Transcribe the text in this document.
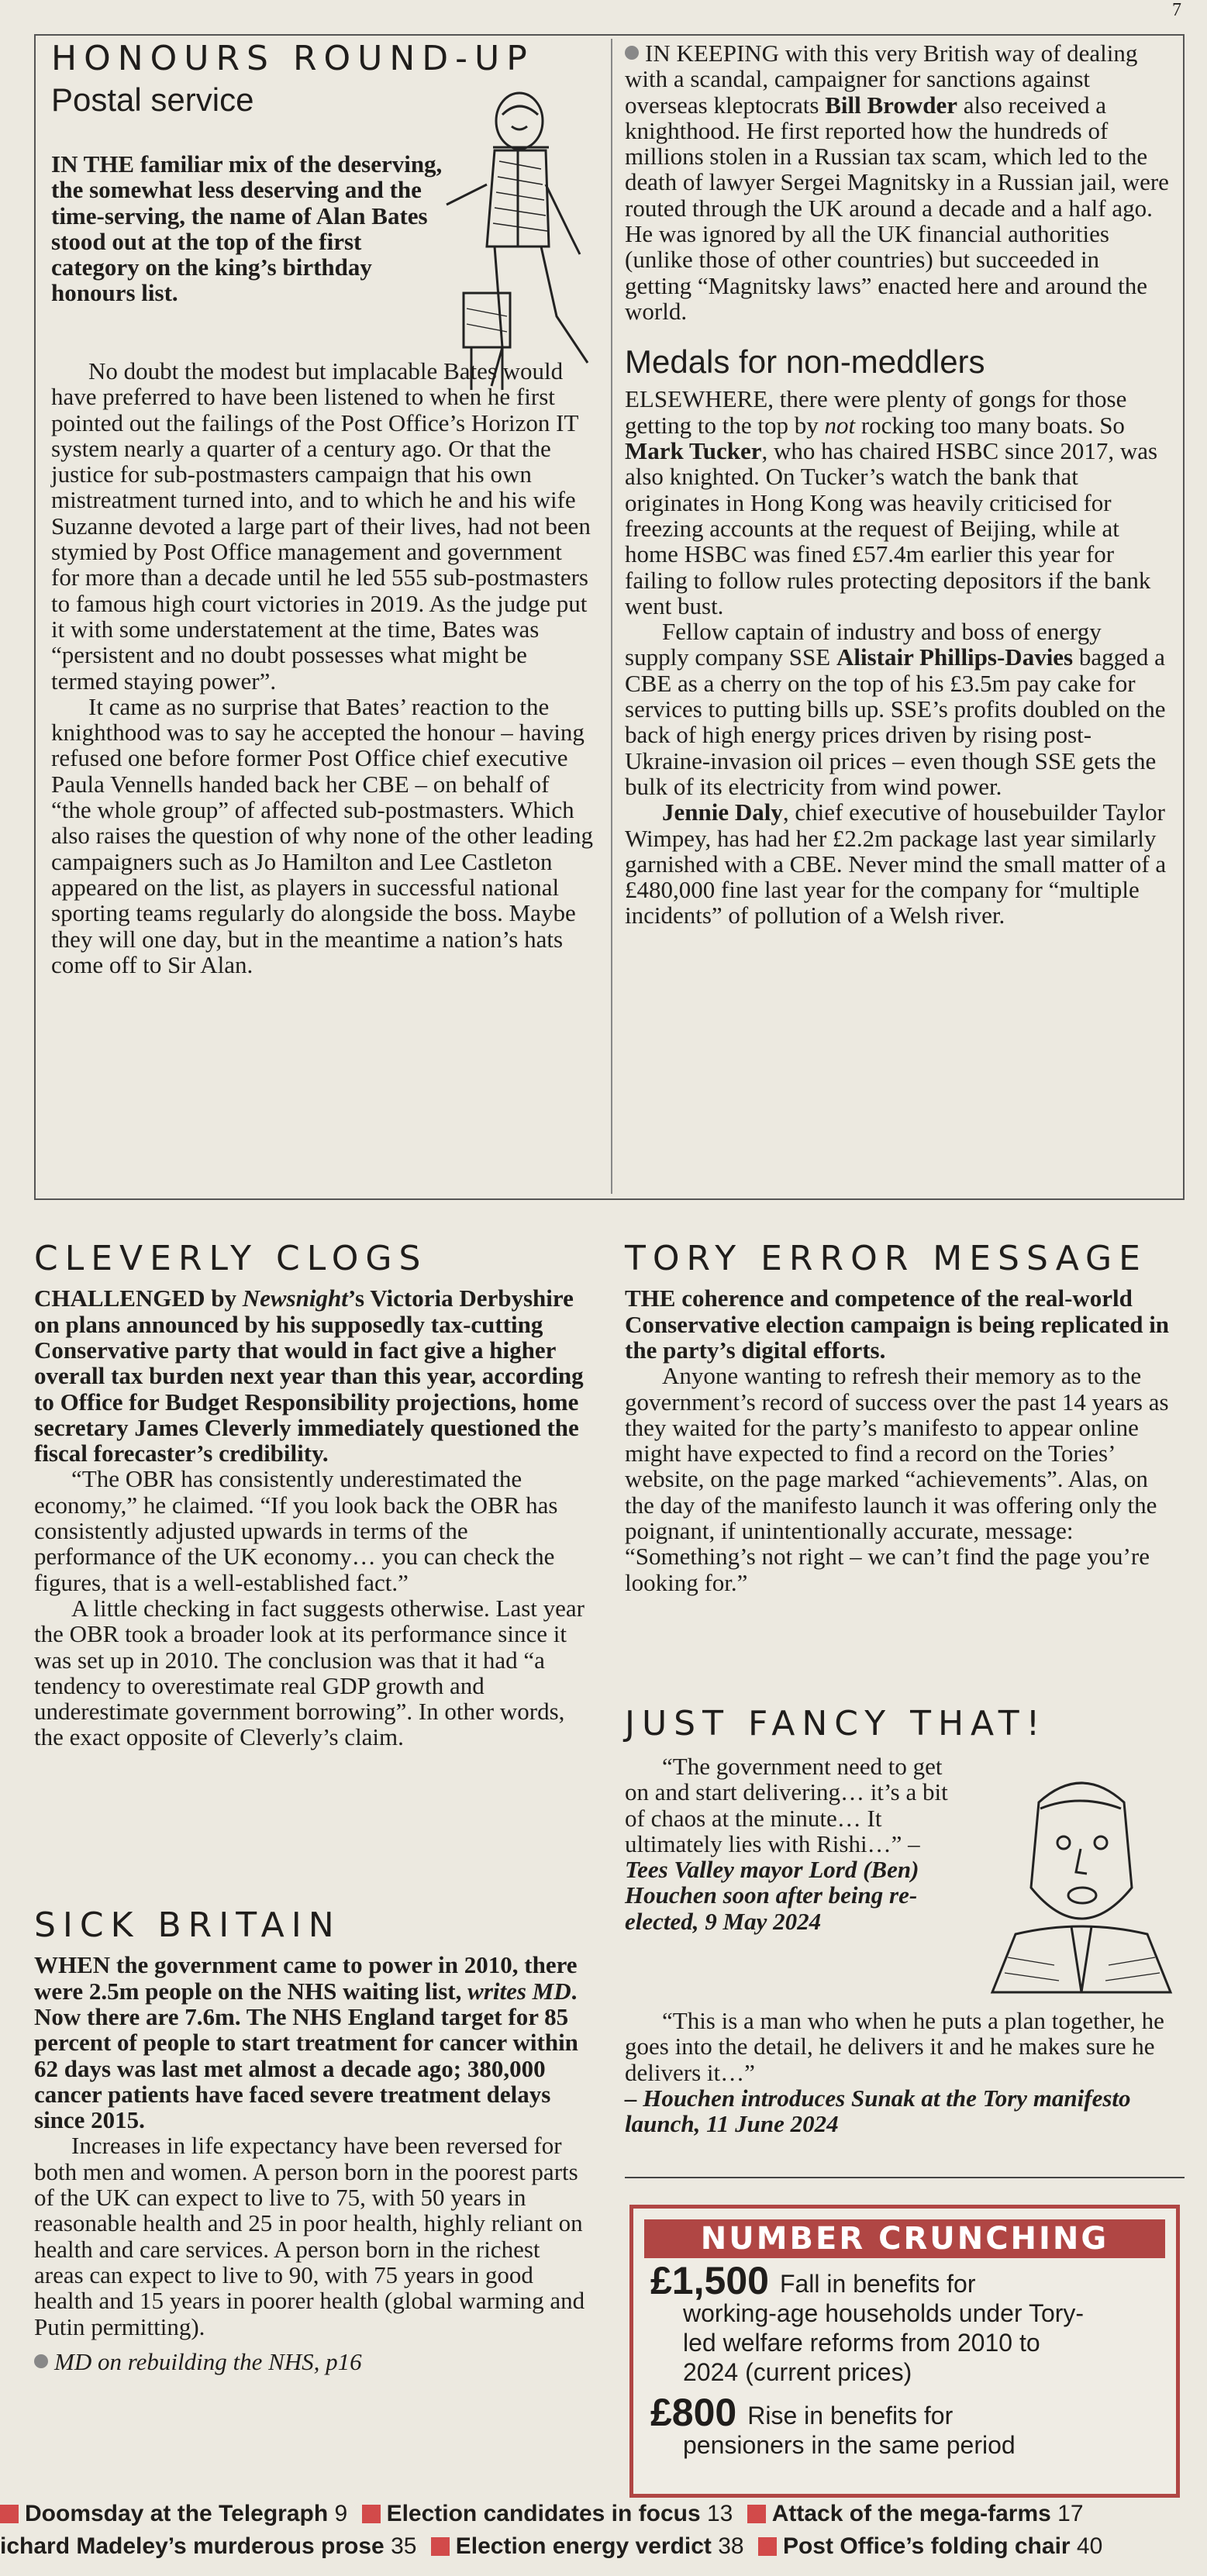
7
HONOURS ROUND-UP
Postal service

IN THE familiar mix of the deserving, the somewhat less deserving and the time-serving, the name of Alan Bates stood out at the top of the first category on the king’s birthday honours list.

No doubt the modest but implacable Bates would have preferred to have been listened to when he first pointed out the failings of the Post Office’s Horizon IT system nearly a quarter of a century ago. Or that the justice for sub-postmasters campaign that his own mistreatment turned into, and to which he and his wife Suzanne devoted a large part of their lives, had not been stymied by Post Office management and government for more than a decade until he led 555 sub-postmasters to famous high court victories in 2019. As the judge put it with some understatement at the time, Bates was “persistent and no doubt possesses what might be termed staying power”.

It came as no surprise that Bates’ reaction to the knighthood was to say he accepted the honour – having refused one before former Post Office chief executive Paula Vennells handed back her CBE – on behalf of “the whole group” of affected sub-postmasters. Which also raises the question of why none of the other leading campaigners such as Jo Hamilton and Lee Castleton appeared on the list, as players in successful national sporting teams regularly do alongside the boss. Maybe they will one day, but in the meantime a nation’s hats come off to Sir Alan.

IN KEEPING with this very British way of dealing with a scandal, campaigner for sanctions against overseas kleptocrats Bill Browder also received a knighthood. He first reported how the hundreds of millions stolen in a Russian tax scam, which led to the death of lawyer Sergei Magnitsky in a Russian jail, were routed through the UK around a decade and a half ago. He was ignored by all the UK financial authorities (unlike those of other countries) but succeeded in getting “Magnitsky laws” enacted here and around the world.

Medals for non-meddlers

ELSEWHERE, there were plenty of gongs for those getting to the top by not rocking too many boats. So Mark Tucker, who has chaired HSBC since 2017, was also knighted. On Tucker’s watch the bank that originates in Hong Kong was heavily criticised for freezing accounts at the request of Beijing, while at home HSBC was fined £57.4m earlier this year for failing to follow rules protecting depositors if the bank went bust.

Fellow captain of industry and boss of energy supply company SSE Alistair Phillips-Davies bagged a CBE as a cherry on the top of his £3.5m pay cake for services to putting bills up. SSE’s profits doubled on the back of high energy prices driven by rising post-Ukraine-invasion oil prices – even though SSE gets the bulk of its electricity from wind power.

Jennie Daly, chief executive of housebuilder Taylor Wimpey, has had her £2.2m package last year similarly garnished with a CBE. Never mind the small matter of a £480,000 fine last year for the company for “multiple incidents” of pollution of a Welsh river.

CLEVERLY CLOGS

CHALLENGED by Newsnight’s Victoria Derbyshire on plans announced by his supposedly tax-cutting Conservative party that would in fact give a higher overall tax burden next year than this year, according to Office for Budget Responsibility projections, home secretary James Cleverly immediately questioned the fiscal forecaster’s credibility.

“The OBR has consistently underestimated the economy,” he claimed. “If you look back the OBR has consistently adjusted upwards in terms of the performance of the UK economy… you can check the figures, that is a well-established fact.”

A little checking in fact suggests otherwise. Last year the OBR took a broader look at its performance since it was set up in 2010. The conclusion was that it had “a tendency to overestimate real GDP growth and underestimate government borrowing”. In other words, the exact opposite of Cleverly’s claim.

SICK BRITAIN

WHEN the government came to power in 2010, there were 2.5m people on the NHS waiting list, writes MD. Now there are 7.6m. The NHS England target for 85 percent of people to start treatment for cancer within 62 days was last met almost a decade ago; 380,000 cancer patients have faced severe treatment delays since 2015.

Increases in life expectancy have been reversed for both men and women. A person born in the poorest parts of the UK can expect to live to 75, with 50 years in reasonable health and 25 in poor health, highly reliant on health and care services. A person born in the richest areas can expect to live to 90, with 75 years in good health and 15 years in poorer health (global warming and Putin permitting).

MD on rebuilding the NHS, p16

TORY ERROR MESSAGE

THE coherence and competence of the real-world Conservative election campaign is being replicated in the party’s digital efforts.

Anyone wanting to refresh their memory as to the government’s record of success over the past 14 years as they waited for the party’s manifesto to appear online might have expected to find a record on the Tories’ website, on the page marked “achievements”. Alas, on the day of the manifesto launch it was offering only the poignant, if unintentionally accurate, message: “Something’s not right – we can’t find the page you’re looking for.”

JUST FANCY THAT!

“The government need to get on and start delivering… it’s a bit of chaos at the minute… It ultimately lies with Rishi…” – Tees Valley mayor Lord (Ben) Houchen soon after being re-elected, 9 May 2024

“This is a man who when he puts a plan together, he goes into the detail, he delivers it and he makes sure he delivers it…”

– Houchen introduces Sunak at the Tory manifesto launch, 11 June 2024

NUMBER CRUNCHING
£1,500 Fall in benefits for
working-age households under Tory-
led welfare reforms from 2010 to
2024 (current prices)
£800 Rise in benefits for
pensioners in the same period
Doomsday at the Telegraph 9 Election candidates in focus 13 Attack of the mega-farms 17
ichard Madeley’s murderous prose 35 Election energy verdict 38 Post Office’s folding chair 40
